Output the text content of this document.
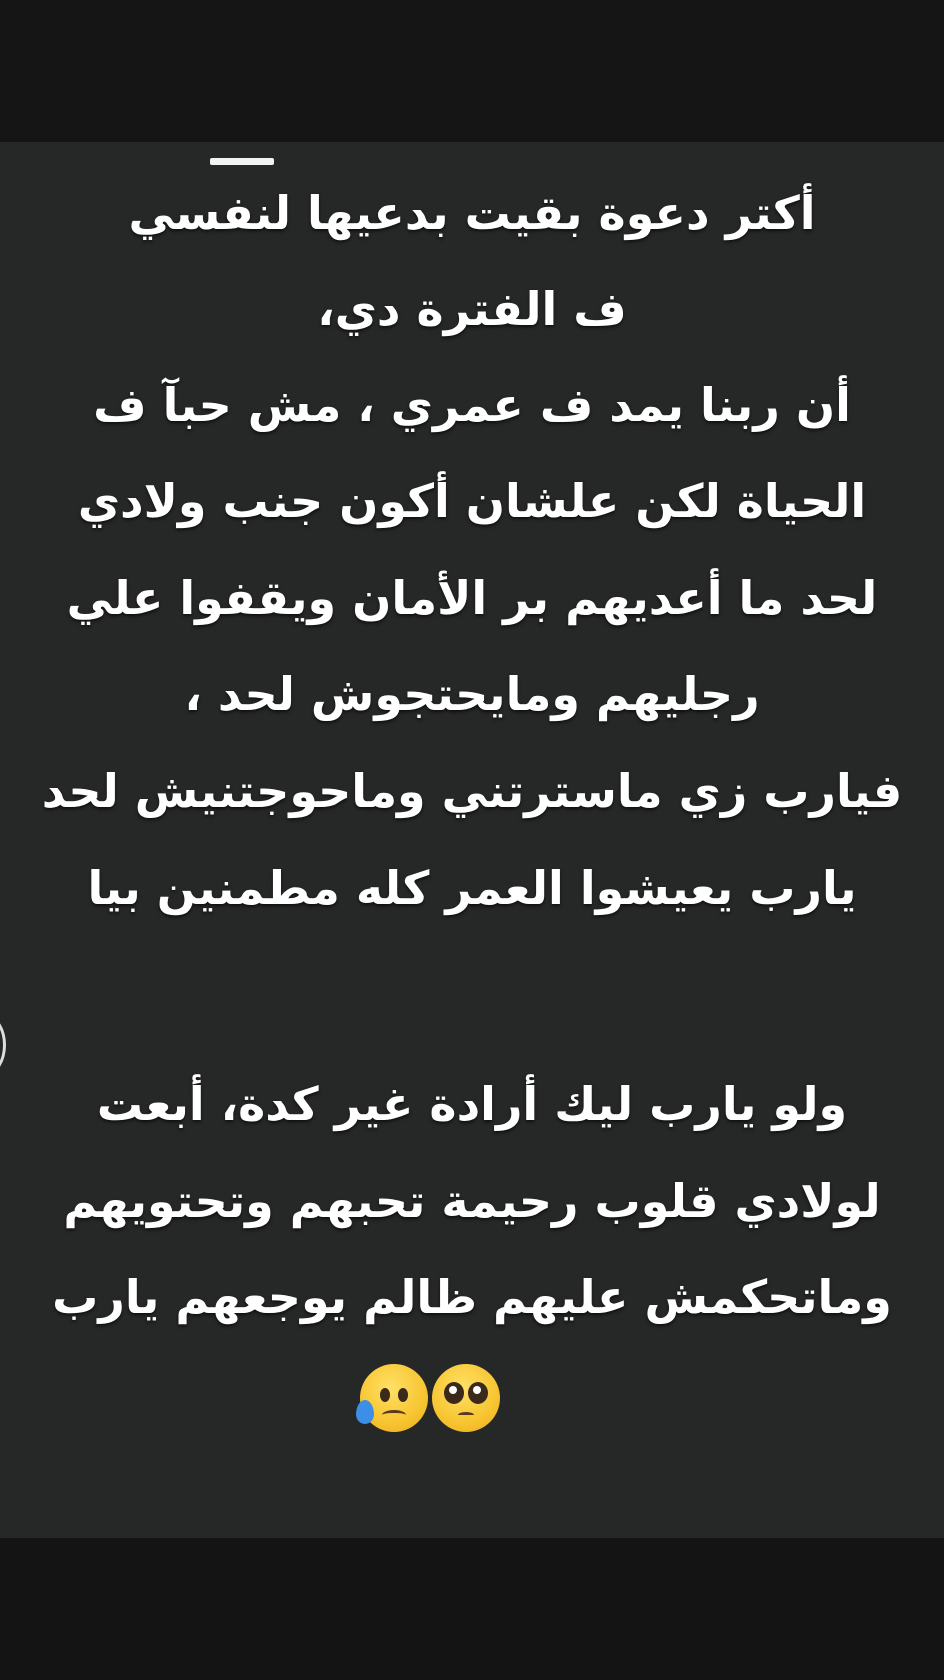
أكتر دعوة بقيت بدعيها لنفسي
ف الفترة دي،
أن ربنا يمد ف عمري ، مش حبآ ف
الحياة لكن علشان أكون جنب ولادي
لحد ما أعديهم بر الأمان ويقفوا علي
رجليهم ومايحتجوش لحد ،
فيارب زي ماسترتني وماحوجتنيش لحد
يارب يعيشوا العمر كله مطمنين بيا
ولو يارب ليك أرادة غير كدة، أبعت
لولادي قلوب رحيمة تحبهم وتحتويهم
وماتحكمش عليهم ظالم يوجعهم يارب
